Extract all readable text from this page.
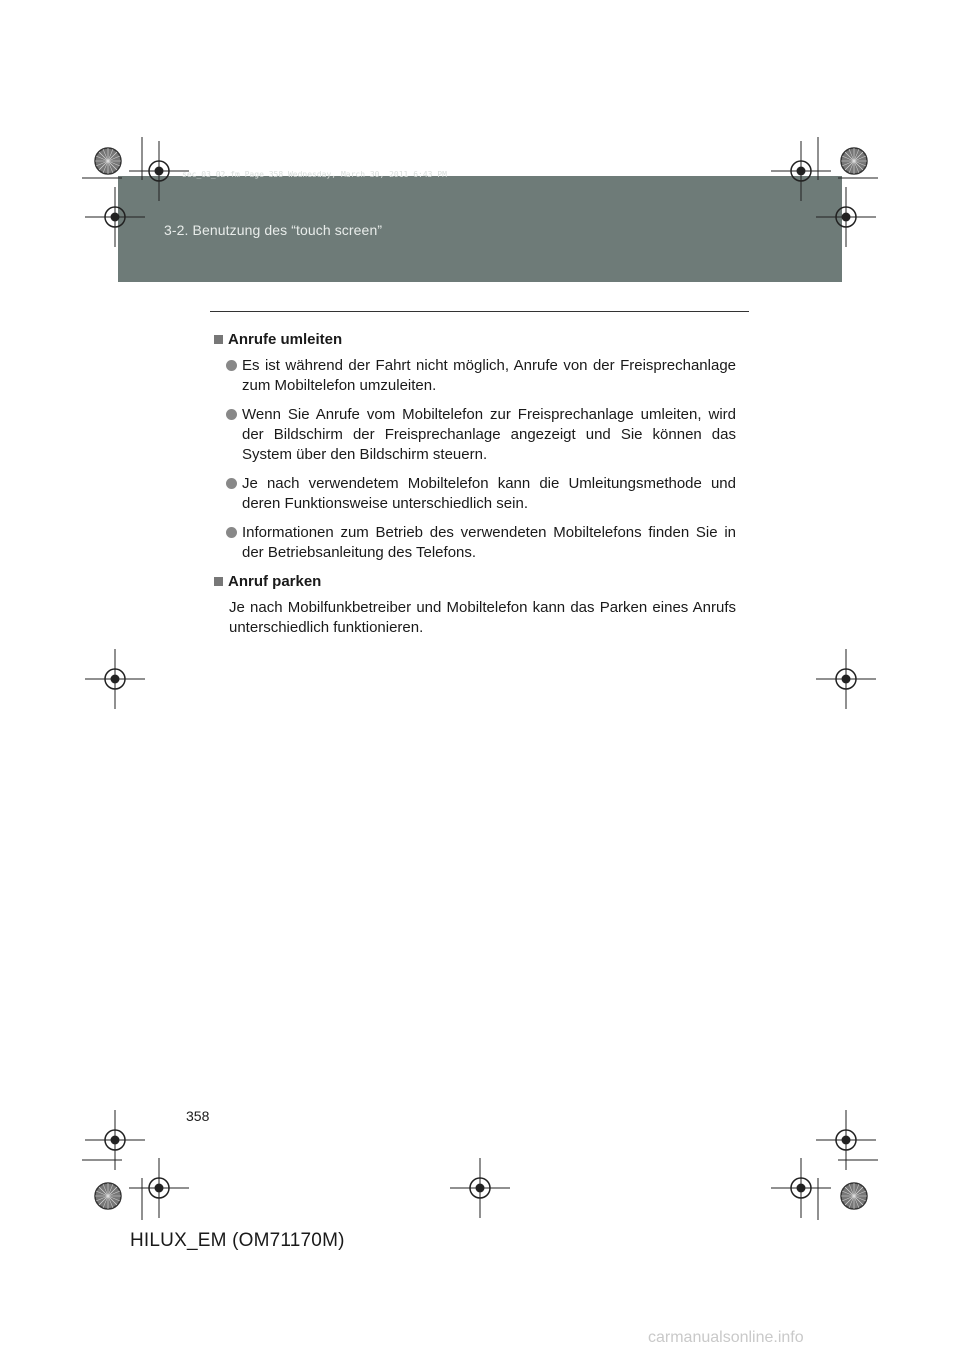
sec_03_02.fm Page 358 Wednesday, March 30, 2011 6:43 PM
3-2. Benutzung des “touch screen”
Anrufe umleiten
Es ist während der Fahrt nicht möglich, Anrufe von der Freisprechanlage zum Mobiltelefon umzuleiten.
Wenn Sie Anrufe vom Mobiltelefon zur Freisprechanlage umleiten, wird der Bildschirm der Freisprechanlage angezeigt und Sie können das System über den Bildschirm steuern.
Je nach verwendetem Mobiltelefon kann die Umleitungsmethode und deren Funktionsweise unterschiedlich sein.
Informationen zum Betrieb des verwendeten Mobiltelefons finden Sie in der Betriebsanleitung des Telefons.
Anruf parken

Je nach Mobilfunkbetreiber und Mobiltelefon kann das Parken eines Anrufs unterschiedlich funktionieren.

358
HILUX_EM (OM71170M)
carmanualsonline.info
